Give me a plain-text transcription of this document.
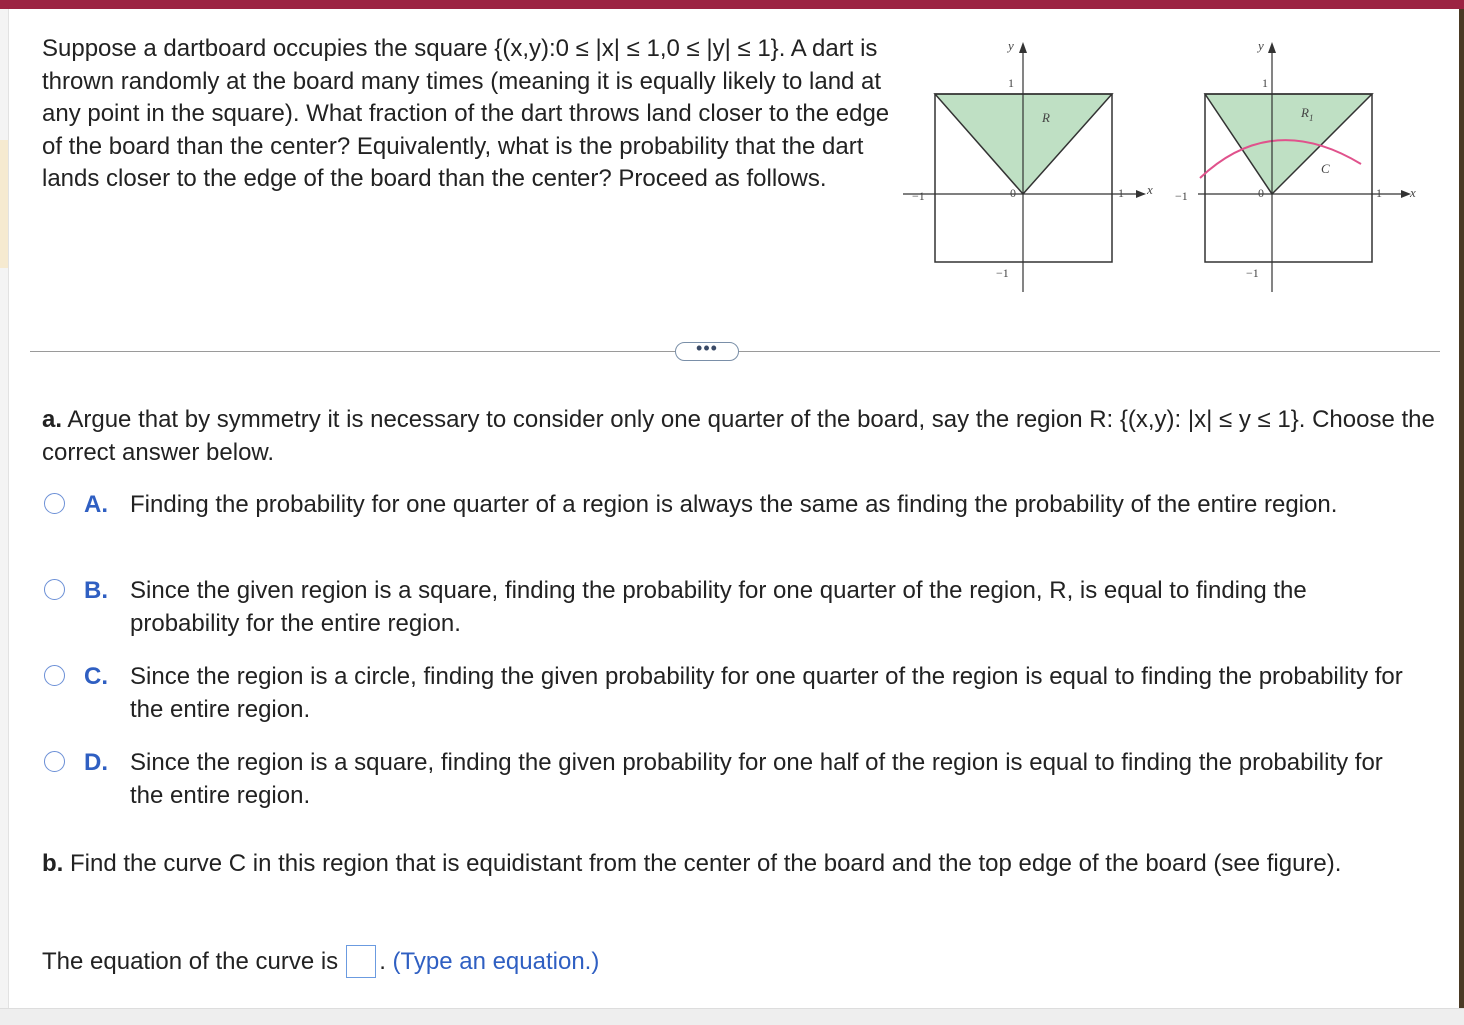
Suppose a dartboard occupies the square {(x,y):0 ≤ |x| ≤ 1,0 ≤ |y| ≤ 1}. A dart is thrown randomly at the board many times (meaning it is equally likely to land at any point in the square). What fraction of the dart throws land closer to the edge of the board than the center? Equivalently, what is the probability that the dart lands closer to the edge of the board than the center? Proceed as follows.
y
1
R
−1	0	1 x
−1
y
1
$R_1$
C
−1	0	1 x
−1
•••
a. Argue that by symmetry it is necessary to consider only one quarter of the board, say the region R: {(x,y): |x| ≤ y ≤ 1}. Choose the correct answer below.
A. Finding the probability for one quarter of a region is always the same as finding the probability of the entire region.
B. Since the given region is a square, finding the probability for one quarter of the region, R, is equal to finding the probability for the entire region.
C. Since the region is a circle, finding the given probability for one quarter of the region is equal to finding the probability for the entire region.
D. Since the region is a square, finding the given probability for one half of the region is equal to finding the probability for the entire region.
b. Find the curve C in this region that is equidistant from the center of the board and the top edge of the board (see figure).
The equation of the curve is . (Type an equation.)
